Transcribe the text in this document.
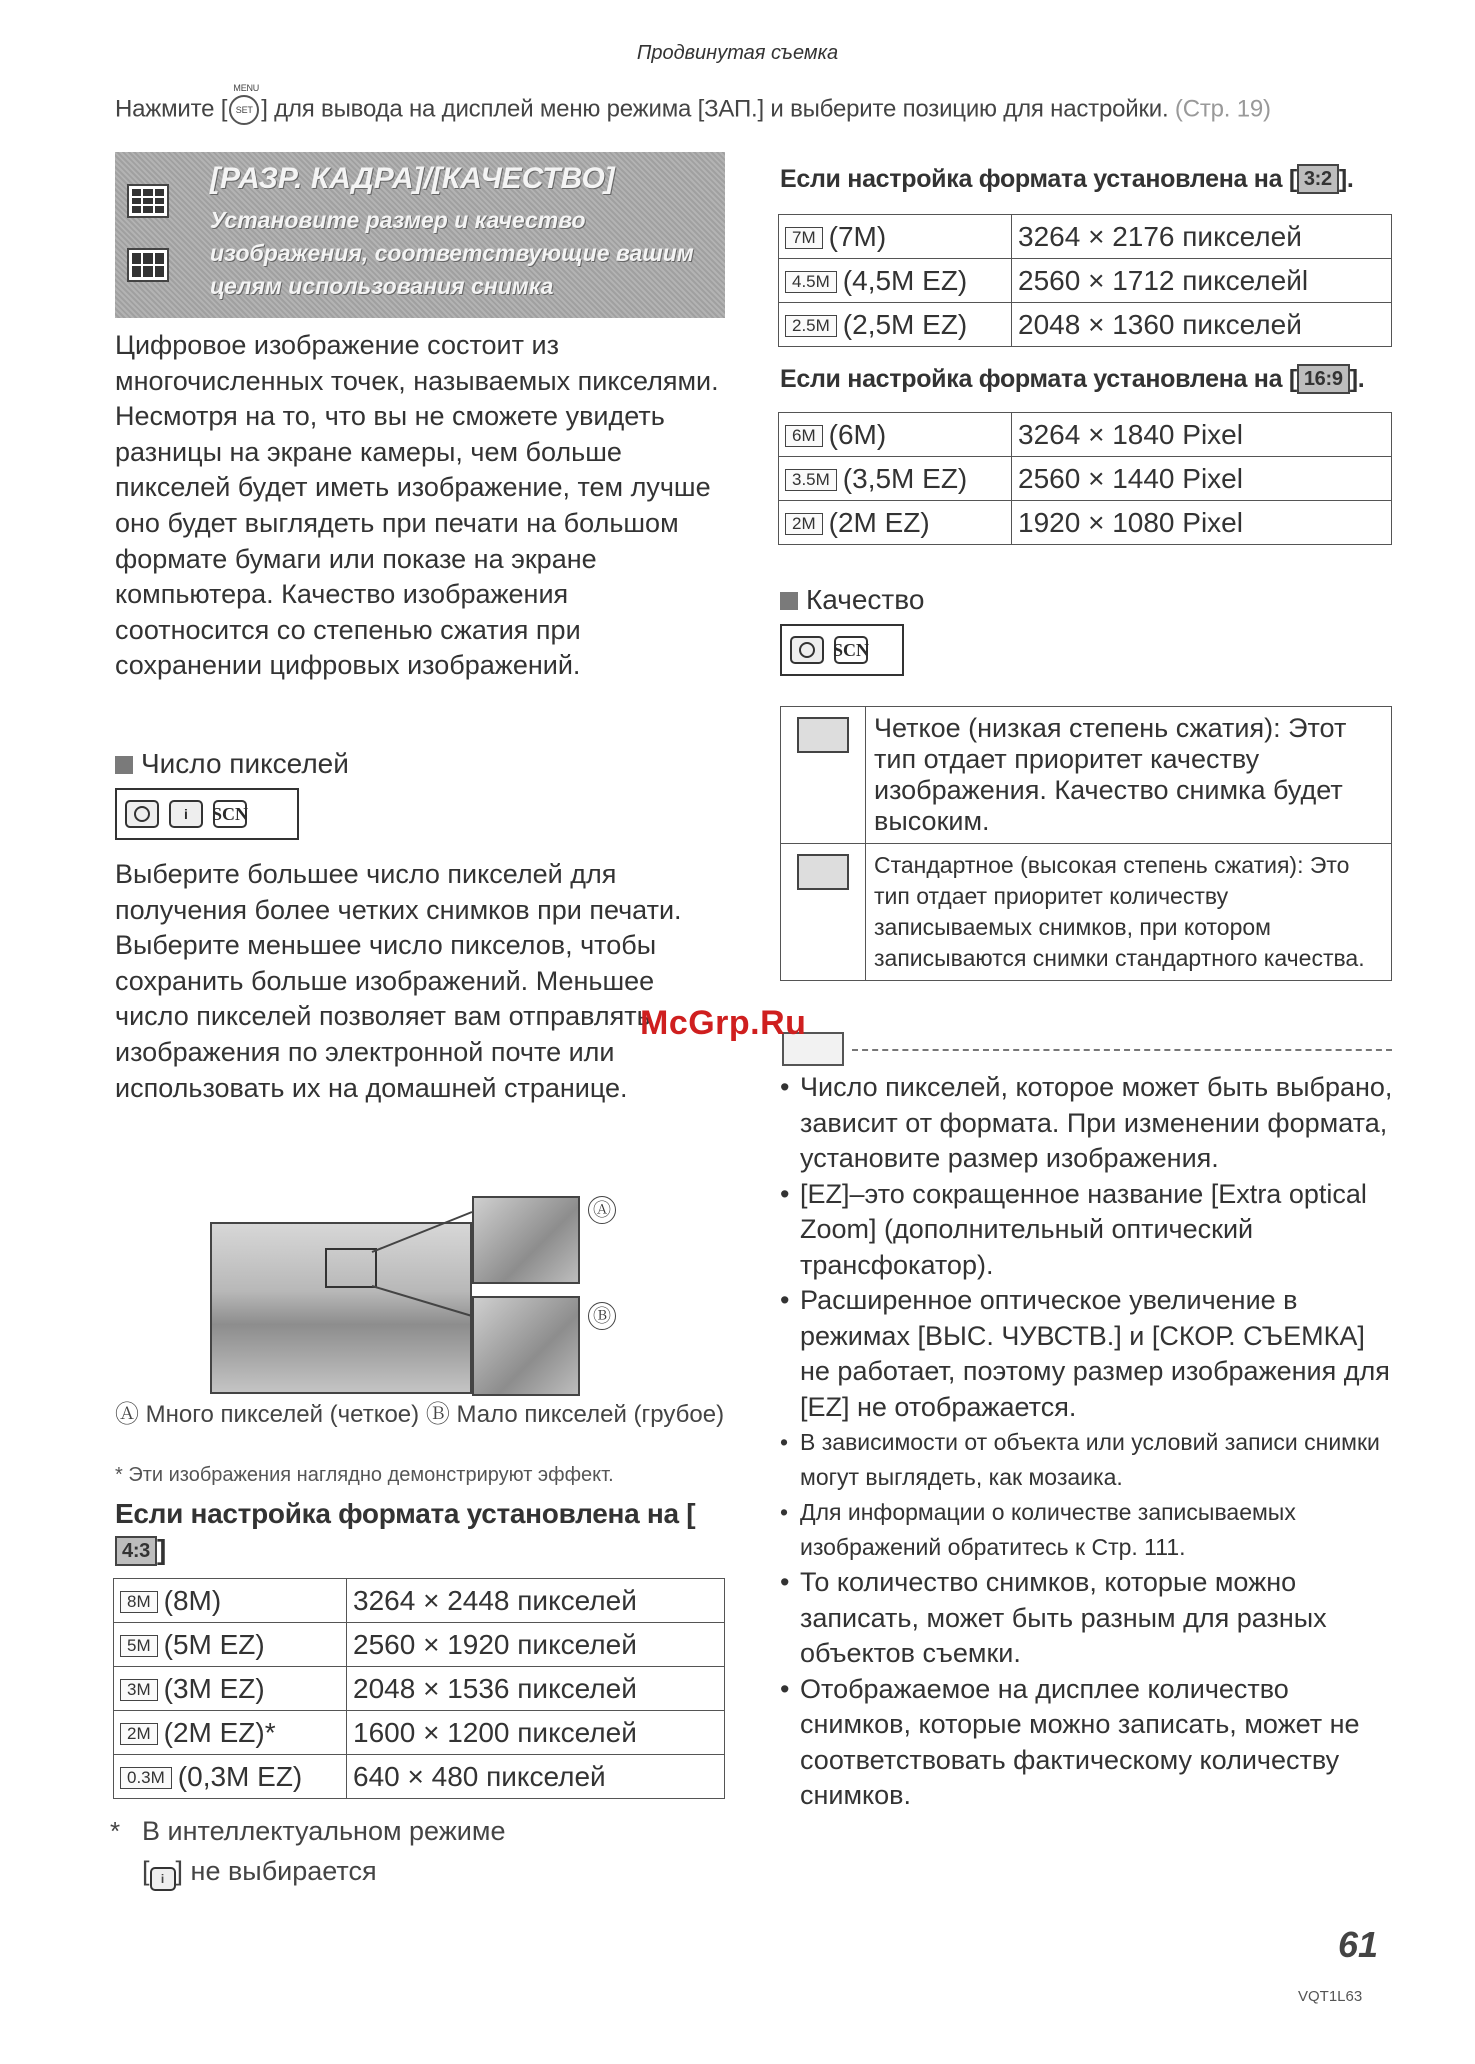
Продвинутая съемка
Нажмите [
MENU
SET ] для вывода на дисплей меню режима [ЗАП.] и выберите позицию для настройки. (Стр. 19)
[РАЗР. КАДРА]/[КАЧЕСТВО]
Установите размер и качество изображения, соответствующие вашим целям использования снимка
Цифровое изображение состоит из многочисленных точек, называемых пикселями. Несмотря на то, что вы не сможете увидеть разницы на экране камеры, чем больше пикселей будет иметь изображение, тем лучше оно будет выглядеть при печати на большом формате бумаги или показе на экране компьютера. Качество изображения соотносится со степенью сжатия при сохранении цифровых изображений.
Число пикселей
i	SCN
Выберите большее число пикселей для получения более четких снимков при печати.
Выберите меньшее число пикселов, чтобы сохранить больше изображений. Меньшее число пикселей позволяет вам отправлять изображения по электронной почте или использовать их на домашней странице.
Ⓐ
Ⓑ
Ⓐ Много пикселей (четкое) Ⓑ Мало пикселей (грубое)
* Эти изображения наглядно демонстрируют эффект.
Если настройка формата установлена на [4:3 ]
8M (8M)	3264 × 2448 пикселей
5M (5M EZ)	2560 × 1920 пикселей
3M (3M EZ)	2048 × 1536 пикселей
2M (2M EZ)*	1600 × 1200 пикселей
0.3M (0,3M EZ)	640 × 480 пикселей
* В интеллектуальном режиме
[ i ] не выбирается
Если настройка формата установлена на [ 3:2 ].
7M (7M)	3264 × 2176 пикселей
4.5M (4,5M EZ)	2560 × 1712 пикселейl
2.5M (2,5M EZ)	2048 × 1360 пикселей
Если настройка формата установлена на [ 16:9 ].
6M (6M)	3264 × 1840 Pixel
3.5M (3,5M EZ)	2560 × 1440 Pixel
2M (2M EZ)	1920 × 1080 Pixel
Качество
SCN
	Четкое (низкая степень сжатия): Этот тип отдает приоритет качеству изображения. Качество снимка будет высоким.
	Стандартное (высокая степень сжатия): Это тип отдает приоритет количеству записываемых снимков, при котором записываются снимки стандартного качества.
• Число пикселей, которое может быть выбрано, зависит от формата. При изменении формата, установите размер изображения.
• [EZ]–это сокращенное название [Extra optical Zoom] (дополнительный оптический трансфокатор).
• Расширенное оптическое увеличение в режимах [ВЫС. ЧУВСТВ.] и [СКОР. СЪЕМКА] не работает, поэтому размер изображения для [EZ] не отображается.
• В зависимости от объекта или условий записи снимки могут выглядеть, как мозаика.
• Для информации о количестве записываемых изображений обратитесь к Стр. 111.
• То количество снимков, которые можно записать, может быть разным для разных объектов съемки.
• Отображаемое на дисплее количество снимков, которые можно записать, может не соответствовать фактическому количеству снимков.
McGrp.Ru
61
VQT1L63
